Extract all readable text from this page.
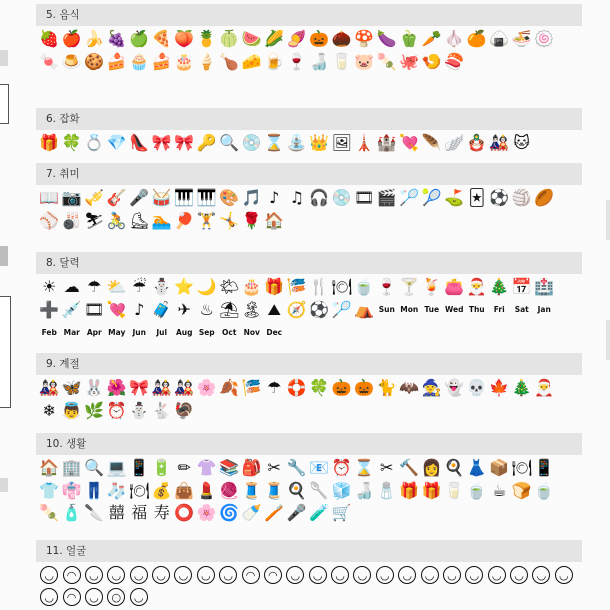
5. 음식
🍓 🍎 🍌 🍇 🍏 🍕 🍑 🍍 🍈 🍉 🌽 🍠 🎃 🌰 🍄 🍆 🫑 🥕 🧄 🍊 🍙 🍜 🍥
🍬 🍮 🍪 🍰 🧁 🍰 🎂 🍦 🍗 🧀 🍺 🍷 🍶 🥛 🐷 🍡 🐙 🍤 🍣
6. 잡화
🎁 🍀 💍 💎 👠 🎀 🎀 🔑 🔍 💿 ⌛ ⛲ 👑 🖼 🗼 🏰 💘 🪶 🪽 🪆 🎎 🐱
7. 취미
📖 📷 🎺 🎸 🎤 🥁 🎹 🎹 🎨 🎵 ♪ ♫ 🎧 💿 🎞 🎬 🏸 🎾 ⛳ 🃏 ⚽ 🏐 🏉
⚾ 🎳 ⛷ 🚴 ⛸ 🏊 🏓 🏋 🤸 🌹 🏠
8. 달력
☀ ☁ ☂ ⛅ ☔ ⛄ ⭐ 🌙 🌤 🎂 🎁 🎏 🍴 🍽 🍵 🍷 🍸 🍹 👛 🎅 🎄 📅 🏥
➕ 💉 🎞 💘 ♪ 🧳 ✈ ♨ ⛱ 🏝 ⛰ 🧭 ⚽ 🏸 ⛺ Sun Mon Tue Wed Thu	Fri	Sat	Jan
Feb Mar Apr May Jun	Jul	Aug Sep Oct Nov Dec
9. 계절
🎎 🦋 🐰 🌺 🎀 🎎 🎎 🌸 🍂 🎏 ☂ 🛟 🍀 🎃 🎃 🐈 🦇 🧙 👻 💀 🍁 🎄 🎅
❄ 👼 🌿 ⏰ ⛄ 🐇 🦃
10. 생활
🏠 🏢 🔍 💻 📱 🔋 ✏ 👚 📚 🎒 ✂ 🔧 📧 ⏰ ⌛ ✂ 🔨 👩 🍳 👗 📦 🍽 📱
👕 👘 👖 🧦 🍽 💰 👜 💄 🧶 🧵 🧵 🍳 🥄 🧊 🍶 🧂 🎁 🎁 🥛 🍵 ☕ 🍞 🍵
🍡 🧴 🔪 囍 福 寿 ⭕ 🌸 🌀 🍼 🪥 🎤 🧪 🛒
11. 얼굴
◡	◠	◡	◡	◡	◡	◡	◡	◡	◠	◠	◡	◡	◡	◡	◡	◡	◡	◡	◡	◡	◡	◡	◡
◡	◠	◡	○	◡
